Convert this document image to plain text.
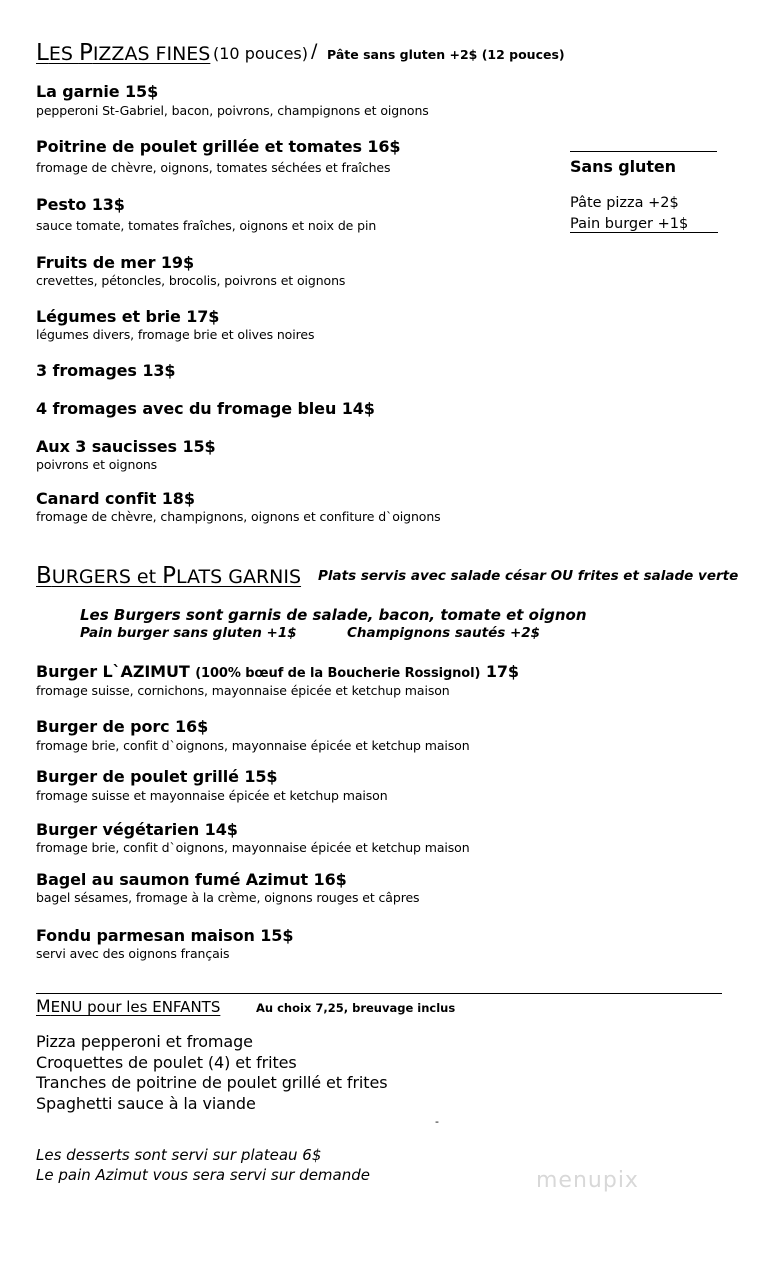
LES PIZZAS FINES (10 pouces) / Pâte sans gluten +2$ (12 pouces)
La garnie 15$
pepperoni St-Gabriel, bacon, poivrons, champignons et oignons
Poitrine de poulet grillée et tomates 16$
fromage de chèvre, oignons, tomates séchées et fraîches
Pesto 13$
sauce tomate, tomates fraîches, oignons et noix de pin
Fruits de mer 19$
crevettes, pétoncles, brocolis, poivrons et oignons
Légumes et brie 17$
légumes divers, fromage brie et olives noires
3 fromages 13$
4 fromages avec du fromage bleu 14$
Aux 3 saucisses 15$
poivrons et oignons
Canard confit 18$
fromage de chèvre, champignons, oignons et confiture d`oignons
Sans gluten
Pâte pizza +2$
Pain burger +1$
BURGERS et PLATS GARNIS Plats servis avec salade césar OU frites et salade verte
Les Burgers sont garnis de salade, bacon, tomate et oignon
Pain burger sans gluten +1$	Champignons sautés +2$
Burger L`AZIMUT (100% bœuf de la Boucherie Rossignol) 17$
fromage suisse, cornichons, mayonnaise épicée et ketchup maison
Burger de porc 16$
fromage brie, confit d`oignons, mayonnaise épicée et ketchup maison
Burger de poulet grillé 15$
fromage suisse et mayonnaise épicée et ketchup maison
Burger végétarien 14$
fromage brie, confit d`oignons, mayonnaise épicée et ketchup maison
Bagel au saumon fumé Azimut 16$
bagel sésames, fromage à la crème, oignons rouges et câpres
Fondu parmesan maison 15$
servi avec des oignons français
MENU pour les ENFANTS	Au choix 7,25, breuvage inclus
Pizza pepperoni et fromage
Croquettes de poulet (4) et frites
Tranches de poitrine de poulet grillé et frites
Spaghetti sauce à la viande
-
Les desserts sont servi sur plateau 6$
Le pain Azimut vous sera servi sur demande	menupix
